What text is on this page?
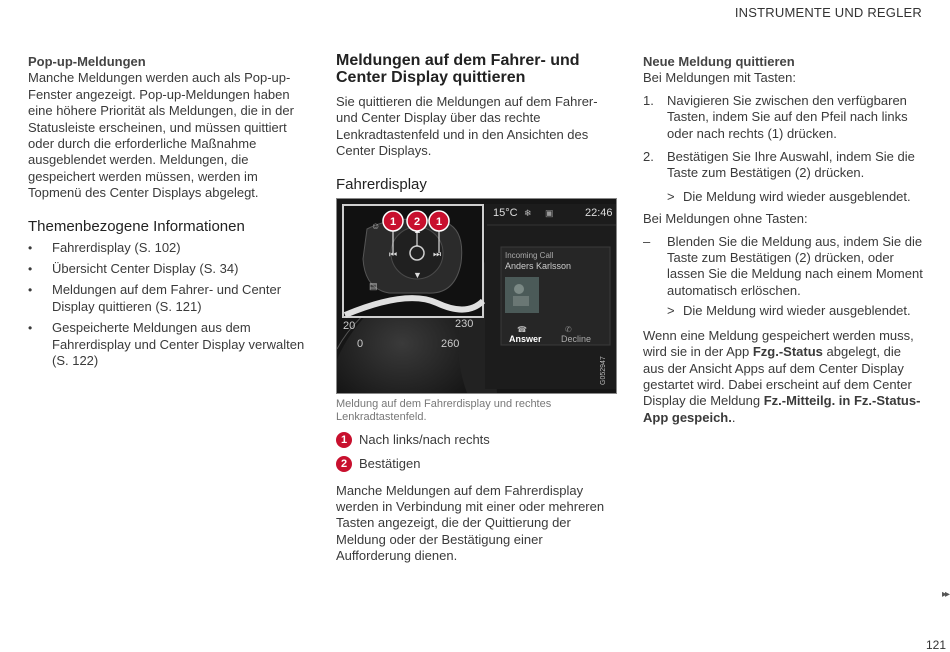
INSTRUMENTE UND REGLER

Pop-up-Meldungen

Manche Meldungen werden auch als Pop-up-Fenster angezeigt. Pop-up-Meldungen haben eine höhere Priorität als Meldungen, die in der Statusleiste erscheinen, und müssen quittiert oder durch die erforderliche Maßnahme ausgeblendet werden. Meldungen, die gespeichert werden müssen, werden im Topmenü des Center Displays abgelegt.

Themenbezogene Informationen

• Fahrerdisplay (S. 102)
• Übersicht Center Display (S. 34)
• Meldungen auf dem Fahrer- und Center Display quittieren (S. 121)
• Gespeicherte Meldungen aus dem Fahrerdisplay und Center Display verwalten (S. 122)

Meldungen auf dem Fahrer- und Center Display quittieren

Sie quittieren die Meldungen auf dem Fahrer- und Center Display über das rechte Lenkradtastenfeld und in den Ansichten des Center Displays.

Fahrerdisplay

15°C ❄ ▣	22:46
Incoming Call
Anders Karlsson
☎
Answer
✆
Decline
20
0
230
260
G052947
⏮	⏭
▼
▤
☺ 1 2 1

Meldung auf dem Fahrerdisplay und rechtes Lenkradtastenfeld.

1 Nach links/nach rechts
2 Bestätigen

Manche Meldungen auf dem Fahrerdisplay werden in Verbindung mit einer oder mehreren Tasten angezeigt, die der Quittierung der Meldung oder der Bestätigung einer Aufforderung dienen.

Neue Meldung quittieren

Bei Meldungen mit Tasten:

1. Navigieren Sie zwischen den verfügbaren Tasten, indem Sie auf den Pfeil nach links oder nach rechts (1) drücken.
2. Bestätigen Sie Ihre Auswahl, indem Sie die Taste zum Bestätigen (2) drücken.
> Die Meldung wird wieder ausgeblendet.

Bei Meldungen ohne Tasten:

– Blenden Sie die Meldung aus, indem Sie die Taste zum Bestätigen (2) drücken, oder lassen Sie die Meldung nach einem Moment automatisch erlöschen.
> Die Meldung wird wieder ausgeblendet.

Wenn eine Meldung gespeichert werden muss, wird sie in der App Fzg.-Status abgelegt, die aus der Ansicht Apps auf dem Center Display gestartet wird. Dabei erscheint auf dem Center Display die Meldung Fz.-Mitteilg. in Fz.-Status-App gespeich..

▸▸
121
